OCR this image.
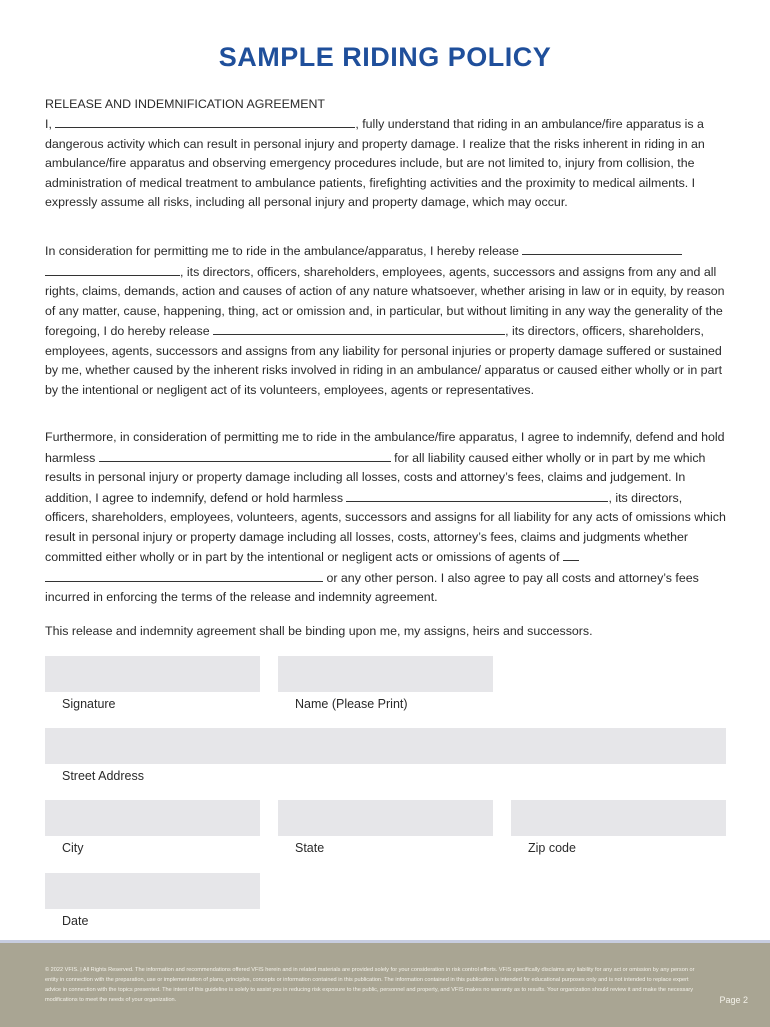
SAMPLE RIDING POLICY
RELEASE AND INDEMNIFICATION AGREEMENT
I,	, fully understand that riding in an ambulance/fire apparatus is a dangerous activity which can result in personal injury and property damage. I realize that the risks inherent in riding in an ambulance/fire apparatus and observing emergency procedures include, but are not limited to, injury from collision, the administration of medical treatment to ambulance patients, firefighting activities and the proximity to medical ailments. I expressly assume all risks, including all personal injury and property damage, which may occur.
In consideration for permitting me to ride in the ambulance/apparatus, I hereby release  , its directors, officers, shareholders, employees, agents, successors and assigns from any and all rights, claims, demands, action and causes of action of any nature whatsoever, whether arising in law or in equity, by reason of any matter, cause, happening, thing, act or omission and, in particular, but without limiting in any way the generality of the foregoing, I do hereby release	, its directors, officers, shareholders, employees, agents, successors and assigns from any liability for personal injuries or property damage suffered or sustained by me, whether caused by the inherent risks involved in riding in an ambulance/ apparatus or caused either wholly or in part by the intentional or negligent act of its volunteers, employees, agents or representatives.
Furthermore, in consideration of permitting me to ride in the ambulance/fire apparatus, I agree to indemnify, defend and hold harmless	for all liability caused either wholly or in part by me which results in personal injury or property damage including all losses, costs and attorney’s fees, claims and judgement. In addition, I agree to indemnify, defend or hold harmless	, its directors, officers, shareholders, employees, volunteers, agents, successors and assigns for all liability for any acts of omissions which result in personal injury or property damage including all losses, costs, attorney’s fees, claims and judgments whether committed either wholly or in part by the intentional or negligent acts or omissions of agents of   or any other person. I also agree to pay all costs and attorney’s fees incurred in enforcing the terms of the release and indemnity agreement.
This release and indemnity agreement shall be binding upon me, my assigns, heirs and successors.
Signature	Name (Please Print)
Street Address
City	State	Zip code
Date
© 2022 VFIS. | All Rights Reserved. The information and recommendations offered VFIS herein and in related materials are provided solely for your consideration in risk control efforts. VFIS specifically disclaims any liability for any act or omission by any person or entity in connection with the preparation, use or implementation of plans, principles, concepts or information contained in this publication. The information contained in this publication is intended for educational purposes only and is not intended to replace expert advice in connection with the topics presented. The intent of this guideline is solely to assist you in reducing risk exposure to the public, personnel and property, and VFIS makes no warranty as to results. Your organization should review it and make the necessary modifications to meet the needs of your organization.	Page 2
